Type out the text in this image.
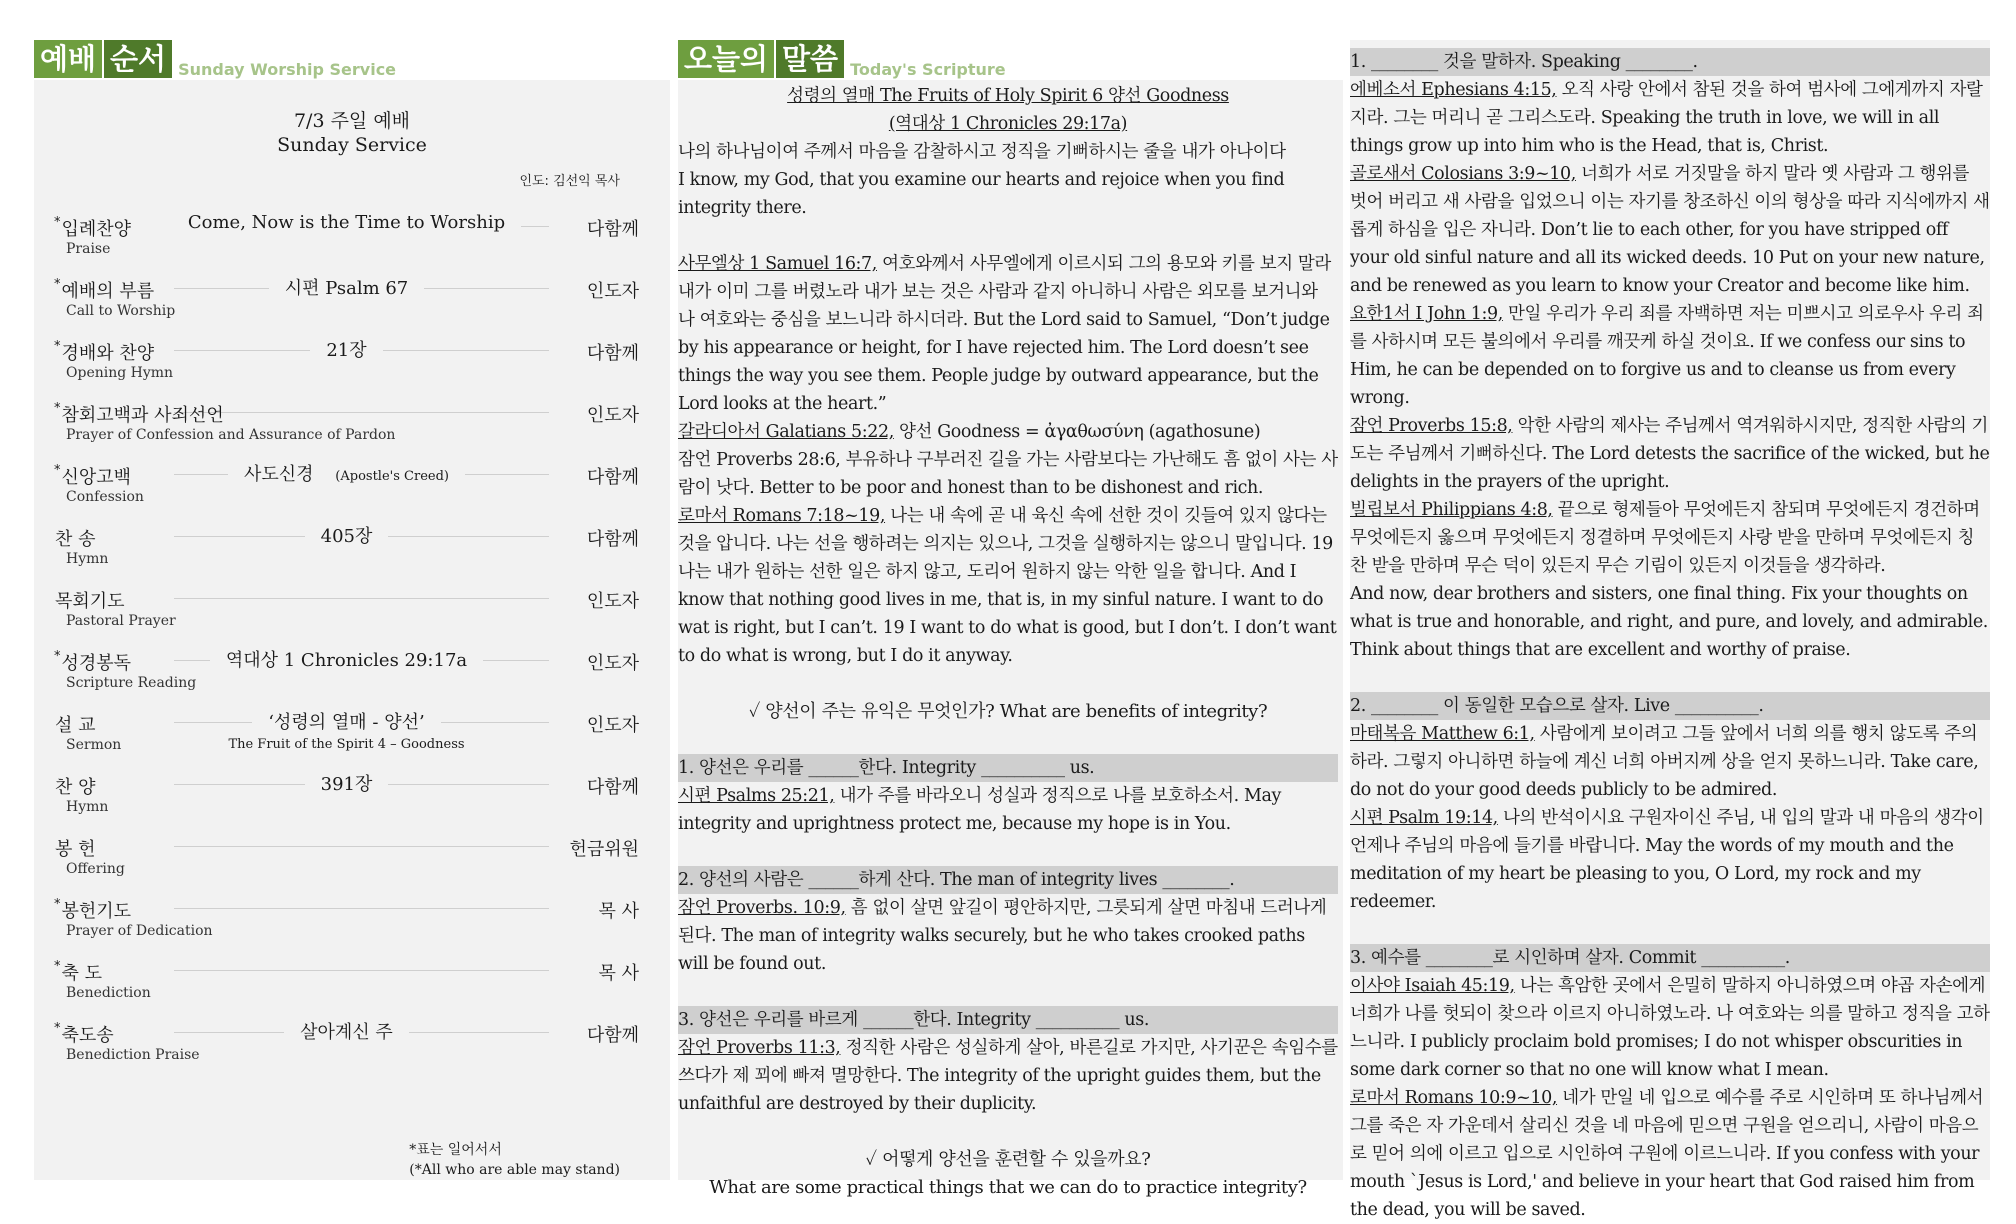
예배 순서 Sunday Worship Service
7/3 주일 예배
Sunday Service
인도: 김선익 목사
*입례찬양
Praise
Come, Now is the Time to Worship	다함께
*예배의 부름
Call to Worship
시편 Psalm 67	인도자
*경배와 찬양
Opening Hymn
21장	다함께
*참회고백과 사죄선언
Prayer of Confession and Assurance of Pardon
인도자
*신앙고백
Confession
사도신경 (Apostle's Creed)	다함께
찬 송
Hymn
405장	다함께
목회기도
Pastoral Prayer
인도자
*성경봉독
Scripture Reading
역대상 1 Chronicles 29:17a	인도자
설 교
Sermon
‘성령의 열매 - 양선’
The Fruit of the Spirit 4 – Goodness
인도자
찬 양
Hymn
391장	다함께
봉 헌
Offering
헌금위원
*봉헌기도
Prayer of Dedication
목 사
*축 도
Benediction
목 사
*축도송
Benediction Praise
살아계신 주	다함께
*표는 일어서서
(*All who are able may stand)
오늘의 말씀 Today's Scripture

성령의 열매 The Fruits of Holy Spirit 6 양선 Goodness

(역대상 1 Chronicles 29:17a)

나의 하나님이여 주께서 마음을 감찰하시고 정직을 기뻐하시는 줄을 내가 아나이다

I know, my God, that you examine our hearts and rejoice when you find integrity there.

사무엘상 1 Samuel 16:7, 여호와께서 사무엘에게 이르시되 그의 용모와 키를 보지 말라 내가 이미 그를 버렸노라 내가 보는 것은 사람과 같지 아니하니 사람은 외모를 보거니와 나 여호와는 중심을 보느니라 하시더라. But the Lord said to Samuel, “Don’t judge by his appearance or height, for I have rejected him. The Lord doesn’t see things the way you see them. People judge by outward appearance, but the Lord looks at the heart.”

갈라디아서 Galatians 5:22, 양선 Goodness = ἀγαθωσύνη (agathosune)

잠언 Proverbs 28:6, 부유하나 구부러진 길을 가는 사람보다는 가난해도 흠 없이 사는 사람이 낫다. Better to be poor and honest than to be dishonest and rich.

로마서 Romans 7:18~19, 나는 내 속에 곧 내 육신 속에 선한 것이 깃들여 있지 않다는 것을 압니다. 나는 선을 행하려는 의지는 있으나, 그것을 실행하지는 않으니 말입니다. 19 나는 내가 원하는 선한 일은 하지 않고, 도리어 원하지 않는 악한 일을 합니다. And I know that nothing good lives in me, that is, in my sinful nature. I want to do wat is right, but I can’t. 19 I want to do what is good, but I don’t. I don’t want to do what is wrong, but I do it anyway.

✓ 양선이 주는 유익은 무엇인가? What are benefits of integrity?

1. 양선은 우리를 ______한다. Integrity __________ us.

시편 Psalms 25:21, 내가 주를 바라오니 성실과 정직으로 나를 보호하소서. May integrity and uprightness protect me, because my hope is in You.

2. 양선의 사람은 ______하게 산다. The man of integrity lives ________.

잠언 Proverbs. 10:9, 흠 없이 살면 앞길이 평안하지만, 그릇되게 살면 마침내 드러나게 된다. The man of integrity walks securely, but he who takes crooked paths will be found out.

3. 양선은 우리를 바르게 ______한다. Integrity __________ us.

잠언 Proverbs 11:3, 정직한 사람은 성실하게 살아, 바른길로 가지만, 사기꾼은 속임수를 쓰다가 제 꾀에 빠져 멸망한다. The integrity of the upright guides them, but the unfaithful are destroyed by their duplicity.

✓ 어떻게 양선을 훈련할 수 있을까요?

What are some practical things that we can do to practice integrity?

1. ________ 것을 말하자. Speaking ________.

에베소서 Ephesians 4:15, 오직 사랑 안에서 참된 것을 하여 범사에 그에게까지 자랄지라. 그는 머리니 곧 그리스도라. Speaking the truth in love, we will in all things grow up into him who is the Head, that is, Christ.

골로새서 Colosians 3:9~10, 너희가 서로 거짓말을 하지 말라 옛 사람과 그 행위를 벗어 버리고 새 사람을 입었으니 이는 자기를 창조하신 이의 형상을 따라 지식에까지 새롭게 하심을 입은 자니라. Don’t lie to each other, for you have stripped off your old sinful nature and all its wicked deeds. 10 Put on your new nature, and be renewed as you learn to know your Creator and become like him.

요한1서 I John 1:9, 만일 우리가 우리 죄를 자백하면 저는 미쁘시고 의로우사 우리 죄를 사하시며 모든 불의에서 우리를 깨끗케 하실 것이요. If we confess our sins to Him, he can be depended on to forgive us and to cleanse us from every wrong.

잠언 Proverbs 15:8, 악한 사람의 제사는 주님께서 역겨워하시지만, 정직한 사람의 기도는 주님께서 기뻐하신다. The Lord detests the sacrifice of the wicked, but he delights in the prayers of the upright.

빌립보서 Philippians 4:8, 끝으로 형제들아 무엇에든지 참되며 무엇에든지 경건하며 무엇에든지 옳으며 무엇에든지 정결하며 무엇에든지 사랑 받을 만하며 무엇에든지 칭찬 받을 만하며 무슨 덕이 있든지 무슨 기림이 있든지 이것들을 생각하라.

And now, dear brothers and sisters, one final thing. Fix your thoughts on what is true and honorable, and right, and pure, and lovely, and admirable. Think about things that are excellent and worthy of praise.

2. ________ 이 동일한 모습으로 살자. Live __________.

마태복음 Matthew 6:1, 사람에게 보이려고 그들 앞에서 너희 의를 행치 않도록 주의하라. 그렇지 아니하면 하늘에 계신 너희 아버지께 상을 얻지 못하느니라. Take care, do not do your good deeds publicly to be admired.

시편 Psalm 19:14, 나의 반석이시요 구원자이신 주님, 내 입의 말과 내 마음의 생각이 언제나 주님의 마음에 들기를 바랍니다. May the words of my mouth and the meditation of my heart be pleasing to you, O Lord, my rock and my redeemer.

3. 예수를 ________로 시인하며 살자. Commit __________.

이사야 Isaiah 45:19, 나는 흑암한 곳에서 은밀히 말하지 아니하였으며 야곱 자손에게 너희가 나를 헛되이 찾으라 이르지 아니하였노라. 나 여호와는 의를 말하고 정직을 고하느니라. I publicly proclaim bold promises; I do not whisper obscurities in some dark corner so that no one will know what I mean.

로마서 Romans 10:9~10, 네가 만일 네 입으로 예수를 주로 시인하며 또 하나님께서 그를 죽은 자 가운데서 살리신 것을 네 마음에 믿으면 구원을 얻으리니, 사람이 마음으로 믿어 의에 이르고 입으로 시인하여 구원에 이르느니라. If you confess with your mouth `Jesus is Lord,' and believe in your heart that God raised him from the dead, you will be saved.
